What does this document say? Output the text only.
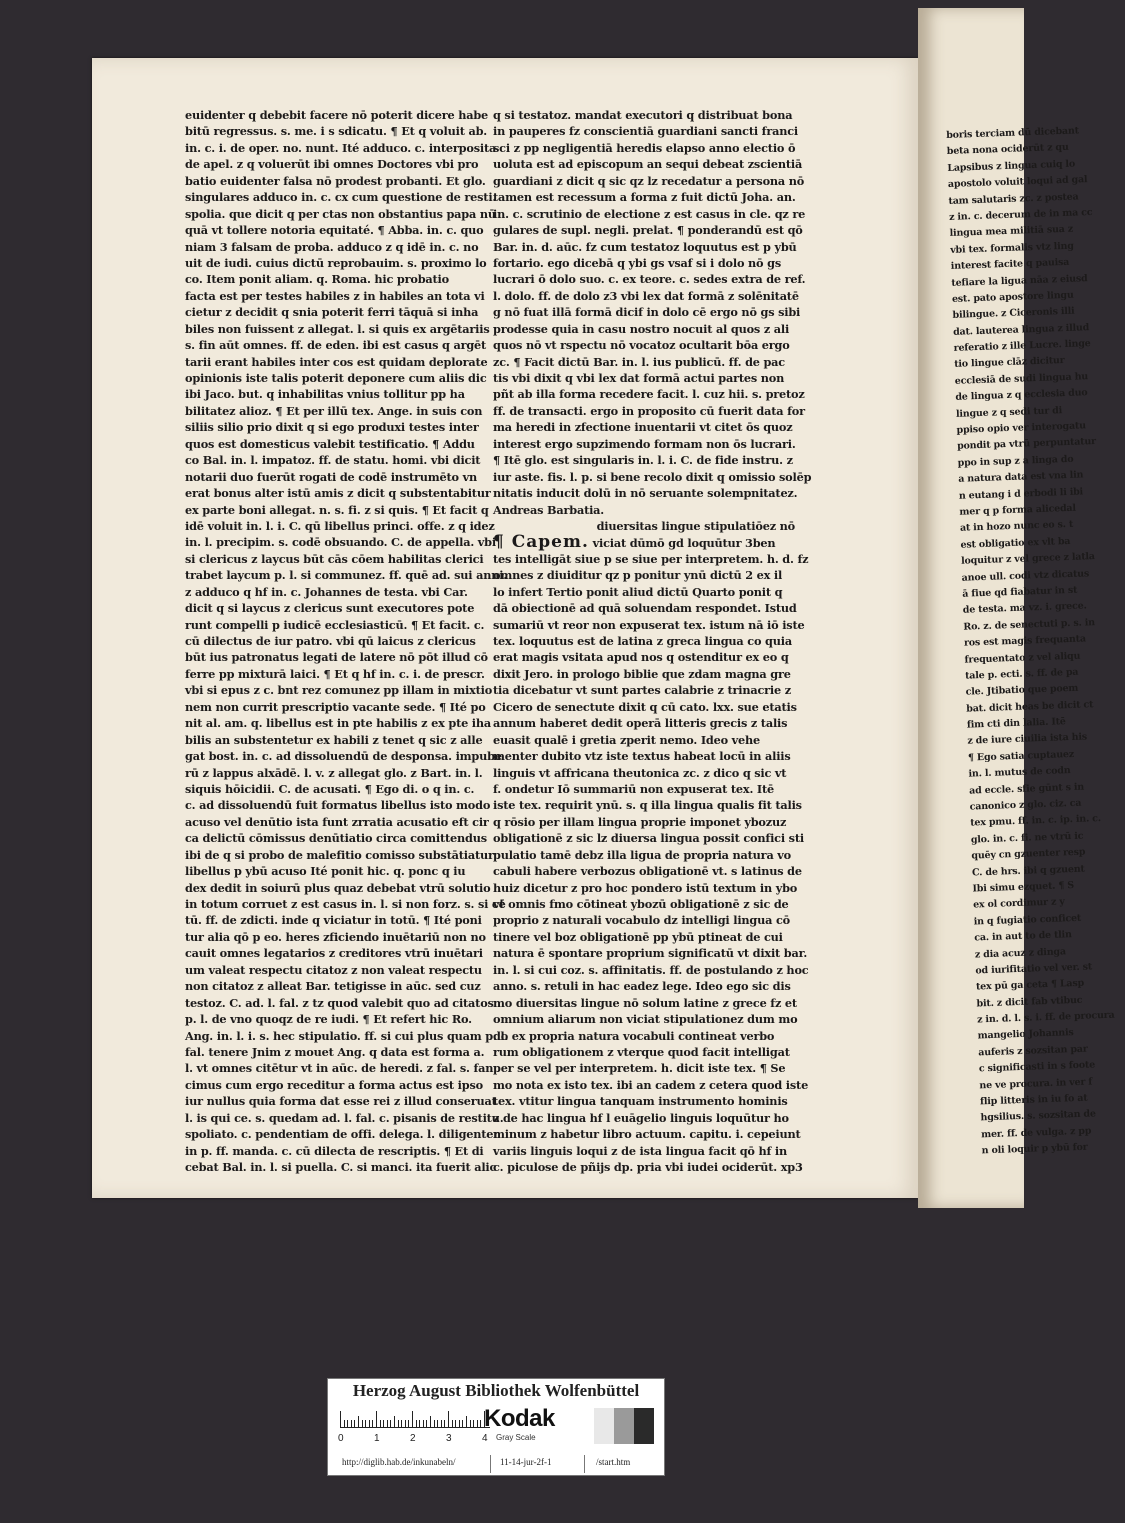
boris terciam dū dicebant
beta nona ociderūt z qu
Lapsibus z lingua cuiq lo
apostolo voluit loqui ad gal
tam salutaris zc. z postea
z in. c. decerum de in ma cc
lingua mea militiā sua z
vbi tex. formalis vtz ling
interest facite q pauisa
tefiare la ligua nāa z eiusd
est. pato apostore lingu
bilingue. z Ciceronis illi
dat. lauterea lingua z illud
referatio z ille Lucre. linge
tio lingue clāz dicitur
ecclesiā de sudi lingua hu
de lingua z q ecclesia duo
lingue z q sedi tur di
ppiso opio ver interogatu
pondit pa vtrū perpuntatur
ppo in sup z a linga do
a natura data est vna lin
n eutang i d erbodi li ibi
mer q p forma alicedal
at in hozo nunc eo s. t
est obligatio ex vlt ba
loquitur z vel grece z latla
anoe ull. codi vtz dicatus
ā fiue qd fiabatur in st
de testa. ma vz. i. grece.
Ro. z. de senectuti p. s. in
ros est magis frequanta
frequentato z vel aliqu
tale p. ecti. s. ff. de pa
cle. Jtibatio que poem
bat. dicit heas be dicit ct
fim cti din lalia. Itē
z de iure ciuilia ista his
¶ Ego satia cuptauez
in. l. mutus de codn
ad eccle. sfie gūnt s in
canonico z glo. ciz. ca
tex pmu. ff. in. c. ip. in. c.
glo. in. c. fi. ne vtrū ic
quēy cn gzuenter resp
C. de hrs. ibi q gzuent
Ibi simu ezquet. ¶ S
ex ol cordimur z y
in q fugiatio conficet
ca. in aut to de tlin
z dia acuz z dinga
od iurifitatio vel ver. st
tex pū ga ceta ¶ Lasp
bit. z dicit fab vtibuc
z in. d. l. s. i. ff. de procura
mangelio Johannis
auferis z sozsitan par
c significasti in s foote
ne ve procura. in ver f
flip litteris in iu fo at
hgsilius. s. sozsitan de
mer. ff. de vulga. z pp
n oli loquir p ybū for
euidenter q debebit facere nō poterit dicere habe
bitū regressus. s. me. i s sdicatu. ¶ Et q voluit ab.
in. c. i. de oper. no. nunt. Ité adduco. c. interposita
de apel. z q voluerūt ibi omnes Doctores vbi pro
batio euidenter falsa nō prodest probanti. Et glo.
singulares adduco in. c. cx cum questione de resti.
spolia. que dicit q per ctas non obstantius papa nū
quā vt tollere notoria equitaté. ¶ Abba. in. c. quo
niam 3 falsam de proba. adduco z q idē in. c. no
uit de iudi. cuius dictū reprobauim. s. proximo lo
co. Item ponit aliam. q. Roma. hic probatio
facta est per testes habiles z in habiles an tota vi
cietur z decidit q snia poterit ferri tāquā si inha
biles non fuissent z allegat. l. si quis ex argētariis
s. fin aūt omnes. ff. de eden. ibi est casus q argēt
tarii erant habiles inter cos est quidam deplorate
opinionis iste talis poterit deponere cum aliis dic
ibi Jaco. but. q inhabilitas vnius tollitur pp ha
bilitatez alioz. ¶ Et per illū tex. Ange. in suis con
siliis silio prio dixit q si ego produxi testes inter
quos est domesticus valebit testificatio. ¶ Addu
co Bal. in. l. impatoz. ff. de statu. homi. vbi dicit
notarii duo fuerūt rogati de codē instrumēto vn
erat bonus alter istū amis z dicit q substentabitur
ex parte boni allegat. n. s. fi. z si quis. ¶ Et facit q
idē voluit in. l. i. C. qū libellus princi. offe. z q idez
in. l. precipim. s. codē obsuando. C. de appella. vbi
si clericus z laycus būt cās cōem habilitas clerici
trabet laycum p. l. si communez. ff. quē ad. sui anni.
z adduco q hf in. c. Johannes de testa. vbi Car.
dicit q si laycus z clericus sunt executores pote
runt compelli p iudicē ecclesiasticū. ¶ Et facit. c.
cū dilectus de iur patro. vbi qū laicus z clericus
būt ius patronatus legati de latere nō pōt illud cō
ferre pp mixturā laici. ¶ Et q hf in. c. i. de prescr.
vbi si epus z c. bnt rez comunez pp illam in mixtio
nem non currit prescriptio vacante sede. ¶ Ité po
nit al. am. q. libellus est in pte habilis z ex pte iha
bilis an substentetur ex habili z tenet q sic z alle
gat bost. in. c. ad dissoluendū de desponsa. impube
rū z lappus alxādē. l. v. z allegat glo. z Bart. in. l.
siquis hōicidii. C. de acusati. ¶ Ego di. o q in. c.
c. ad dissoluendū fuit formatus libellus isto modo
acuso vel denūtio ista funt zrratia acusatio eft cir
ca delictū cōmissus denūtiatio circa comittendus
ibi de q si probo de malefitio comisso substātiatur
libellus p ybū acuso Ité ponit hic. q. ponc q iu
dex dedit in soiurū plus quaz debebat vtrū solutio
in totum corruet z est casus in. l. si non forz. s. si cē
tū. ff. de zdicti. inde q viciatur in totū. ¶ Ité poni
tur alia qō p eo. heres zficiendo inuētariū non no
cauit omnes legatarios z creditores vtrū inuētari
um valeat respectu citatoz z non valeat respectu
non citatoz z alleat Bar. tetigisse in aūc. sed cuz
testoz. C. ad. l. fal. z tz quod valebit quo ad citatos
p. l. de vno quoqz de re iudi. ¶ Et refert hic Ro.
Ang. in. l. i. s. hec stipulatio. ff. si cui plus quam p. l.
fal. tenere Jnim z mouet Ang. q data est forma a.
l. vt omnes citētur vt in aūc. de heredi. z fal. s. fan
cimus cum ergo receditur a forma actus est ipso
iur nullus quia forma dat esse rei z illud conseruat
l. is qui ce. s. quedam ad. l. fal. c. pisanis de restitu.
spoliato. c. pendentiam de offi. delega. l. diligenter
in p. ff. manda. c. cū dilecta de rescriptis. ¶ Et di
cebat Bal. in. l. si puella. C. si manci. ita fuerit alic
q si testatoz. mandat executori q distribuat bona
in pauperes fz conscientiā guardiani sancti franci
sci z pp negligentiā heredis elapso anno electio ō
uoluta est ad episcopum an sequi debeat zscientiā
guardiani z dicit q sic qz lz recedatur a persona nō
tamen est recessum a forma z fuit dictū Joha. an.
in. c. scrutinio de electione z est casus in cle. qz re
gulares de supl. negli. prelat. ¶ ponderandū est qō
Bar. in. d. aūc. fz cum testatoz loquutus est p ybū
fortario. ego dicebā q ybi gs vsaf si i dolo nō gs
lucrari ō dolo suo. c. ex teore. c. sedes extra de ref.
l. dolo. ff. de dolo z3 vbi lex dat formā z solēnitatē
g nō fuat illā formā dicif in dolo cē ergo nō gs sibi
prodesse quia in casu nostro nocuit al quos z ali
quos nō vt rspectu nō vocatoz ocultarit bōa ergo
zc. ¶ Facit dictū Bar. in. l. ius publicū. ff. de pac
tis vbi dixit q vbi lex dat formā actui partes non
pñt ab illa forma recedere facit. l. cuz hii. s. pretoz
ff. de transacti. ergo in proposito cū fuerit data for
ma heredi in zfectione inuentarii vt citet ōs quoz
interest ergo supzimendo formam non ōs lucrari.
¶ Itē glo. est singularis in. l. i. C. de fide instru. z
iur aste. fis. l. p. si bene recolo dixit q omissio solēp
nitatis inducit dolū in nō seruante solempnitatez.
Andreas Barbatia.
diuersitas lingue stipulatiōez nō
¶ Capem. viciat dūmō gd loquūtur 3ben
tes intelligāt siue p se siue per interpretem. h. d. fz
omnes z diuiditur qz p ponitur ynū dictū 2 ex il
lo infert Tertio ponit aliud dictū Quarto ponit q
dā obiectionē ad quā soluendam respondet. Istud
sumariū vt reor non expuserat tex. istum nā iō iste
tex. loquutus est de latina z greca lingua co quia
erat magis vsitata apud nos q ostenditur ex eo q
dixit Jero. in prologo biblie que zdam magna gre
tia dicebatur vt sunt partes calabrie z trinacrie z
Cicero de senectute dixit q cū cato. lxx. sue etatis
annum haberet dedit operā litteris grecis z talis
euasit qualē i gretia zperit nemo. Ideo vehe
menter dubito vtz iste textus habeat locū in aliis
linguis vt affricana theutonica zc. z dico q sic vt
f. ondetur Iō summariū non expuserat tex. Itē
iste tex. requirit ynū. s. q illa lingua qualis fit talis
q rōsio per illam lingua proprie imponet ybozuz
obligationē z sic lz diuersa lingua possit confici sti
pulatio tamē debz illa ligua de propria natura vo
cabuli habere verbozus obligationē vt. s latinus de
huiz dicetur z pro hoc pondero istū textum in ybo
vt omnis fmo cōtineat ybozū obligationē z sic de
proprio z naturali vocabulo dz intelligi lingua cō
tinere vel boz obligationē pp ybū ptineat de cui
natura ē spontare proprium significatū vt dixit bar.
in. l. si cui coz. s. affinitatis. ff. de postulando z hoc
anno. s. retuli in hac eadez lege. Ideo ego sic dis
mo diuersitas lingue nō solum latine z grece fz et
omnium aliarum non viciat stipulationez dum mo
do ex propria natura vocabuli contineat verbo
rum obligationem z vterque quod facit intelligat
per se vel per interpretem. h. dicit iste tex. ¶ Se
mo nota ex isto tex. ibi an cadem z cetera quod iste
tex. vtitur lingua tanquam instrumento hominis
z de hac lingua hf l euāgelio linguis loquūtur ho
minum z habetur libro actuum. capitu. i. cepeiunt
variis linguis loqui z de ista lingua facit qō hf in
c. piculose de pñijs dp. pria vbi iudei ociderūt. xp3
Herzog August Bibliothek Wolfenbüttel
0	1	2	3	4
Kodak
Gray Scale
http://diglib.hab.de/inkunabeln/	11-14-jur-2f-1	/start.htm
